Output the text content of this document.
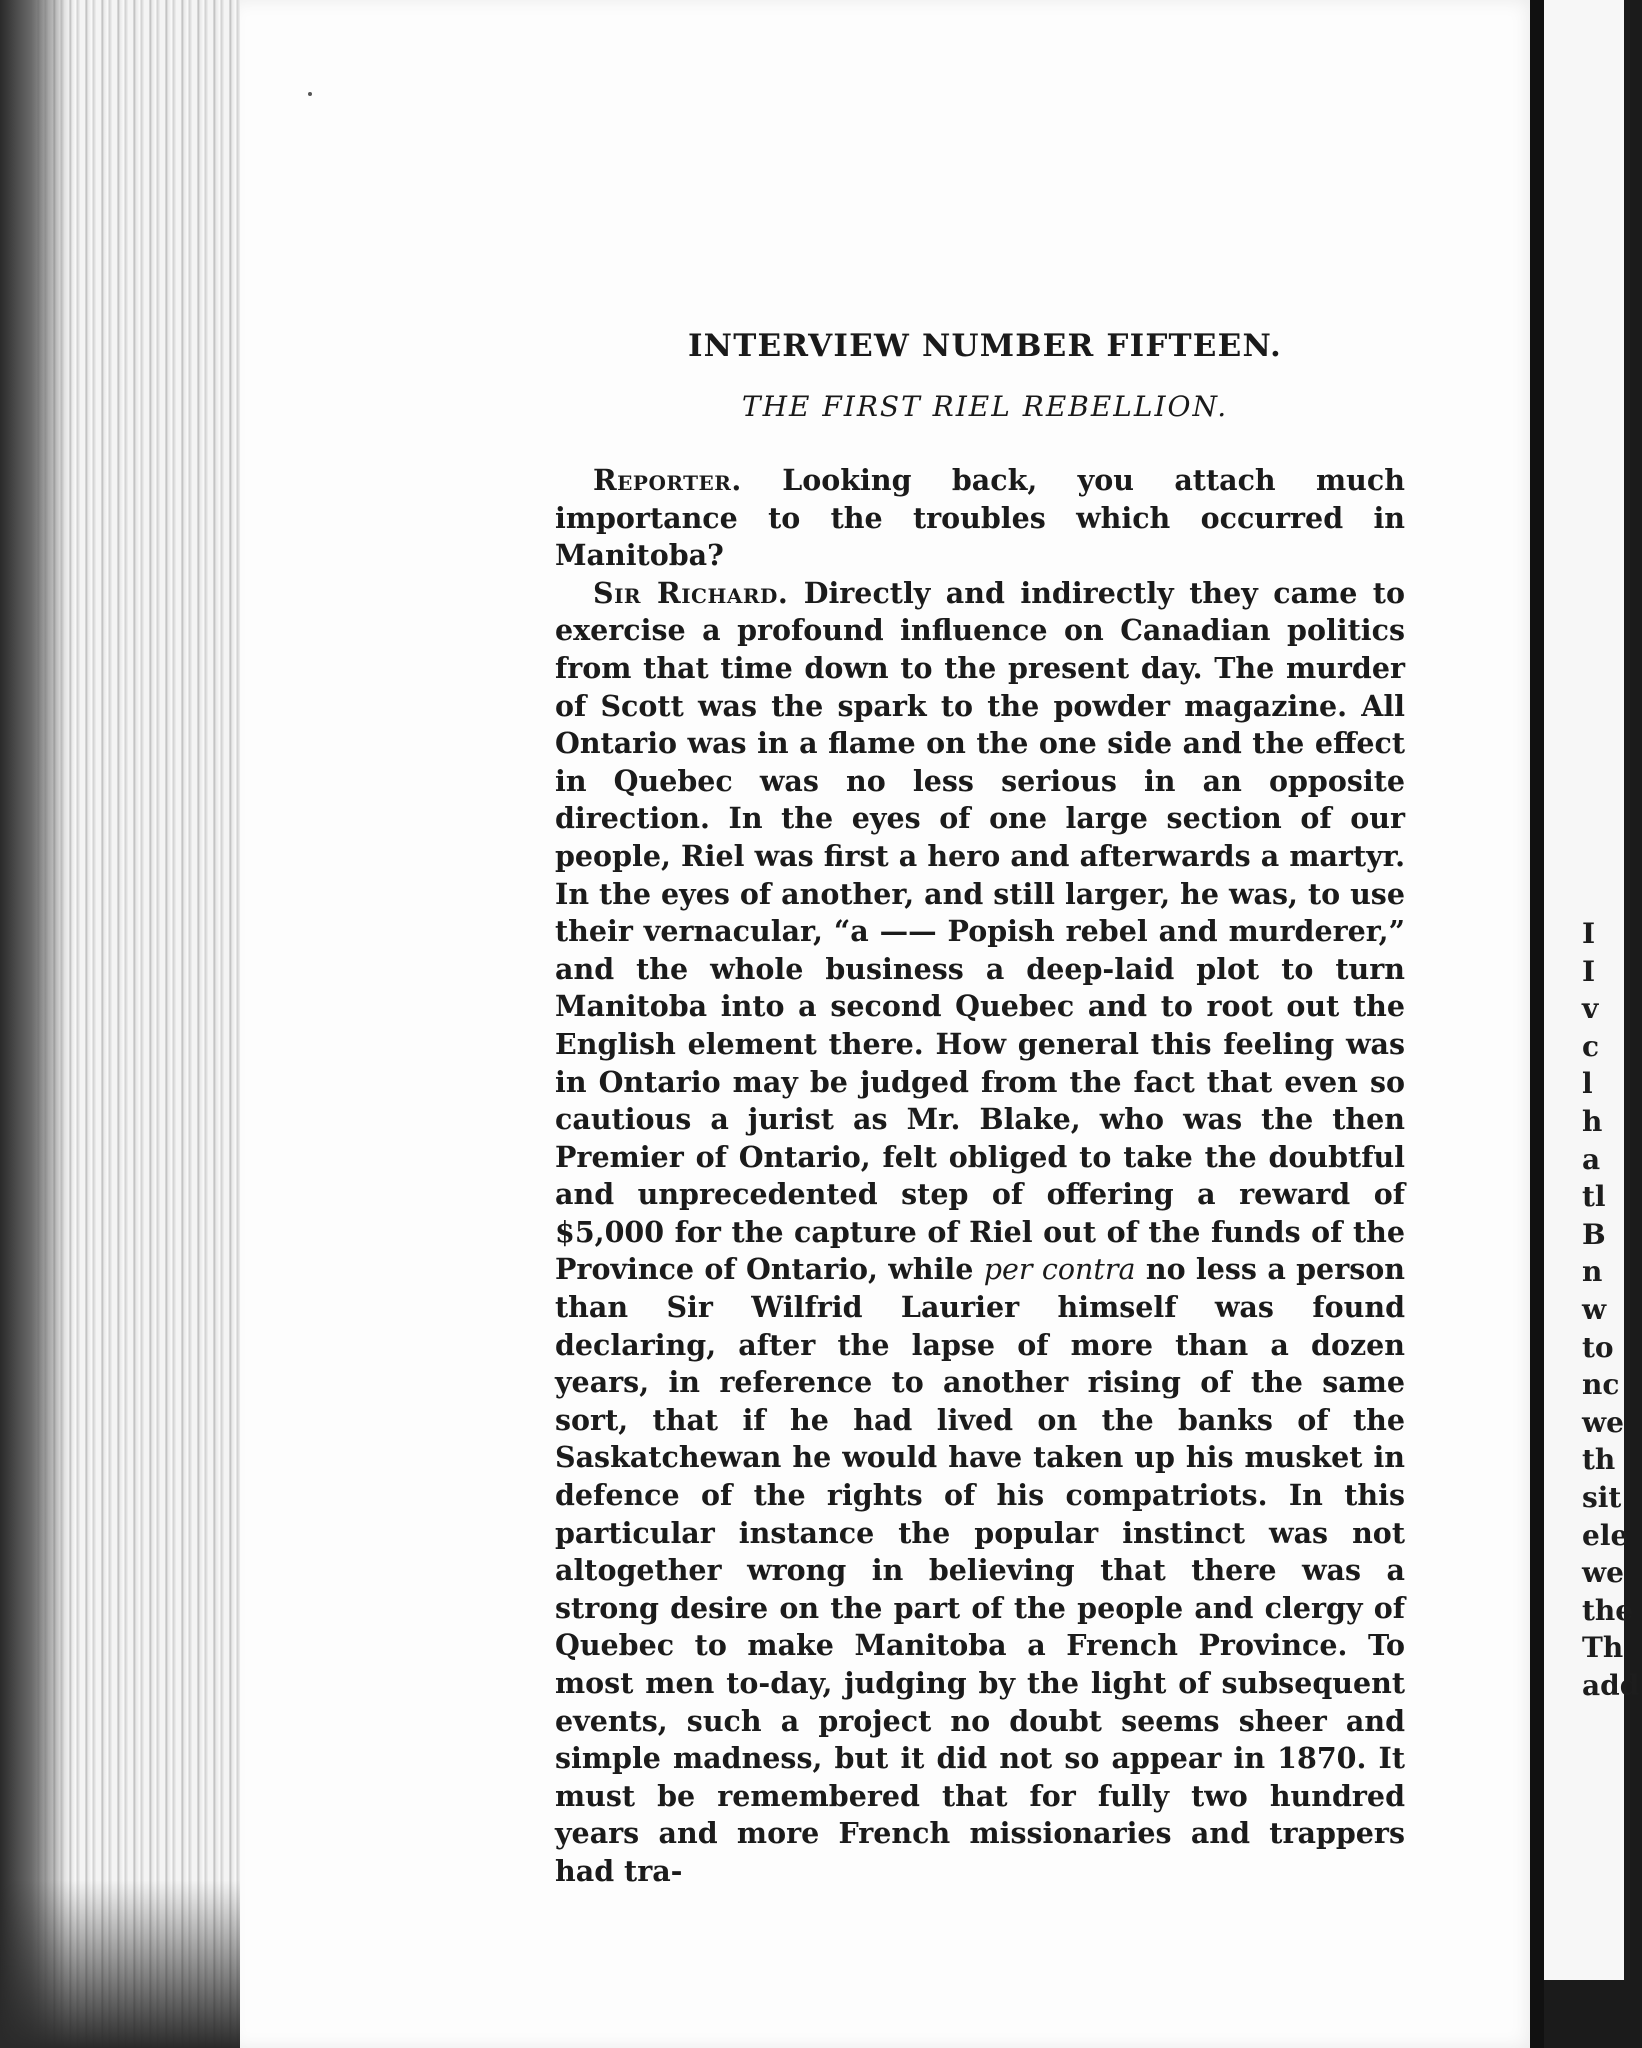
I
I
v
c
l
h
a
tl
B
n
w
to
nc
we
th
sit
ele
we
the
Th
add
INTERVIEW NUMBER FIFTEEN.
THE FIRST RIEL REBELLION.

Reporter. Looking back, you attach much importance to the troubles which occurred in Manitoba?

Sir Richard. Directly and indirectly they came to exercise a profound influence on Canadian politics from that time down to the present day. The murder of Scott was the spark to the powder magazine. All Ontario was in a flame on the one side and the effect in Quebec was no less serious in an opposite direction. In the eyes of one large section of our people, Riel was first a hero and afterwards a martyr. In the eyes of another, and still larger, he was, to use their vernacular, “a —— Popish rebel and murderer,” and the whole business a deep-laid plot to turn Manitoba into a second Quebec and to root out the English element there. How general this feeling was in Ontario may be judged from the fact that even so cautious a jurist as Mr. Blake, who was the then Premier of Ontario, felt obliged to take the doubtful and unprecedented step of offering a reward of $5,000 for the capture of Riel out of the funds of the Province of Ontario, while per contra no less a person than Sir Wilfrid Laurier himself was found declaring, after the lapse of more than a dozen years, in reference to another rising of the same sort, that if he had lived on the banks of the Saskatchewan he would have taken up his musket in defence of the rights of his compatriots. In this particular instance the popular instinct was not altogether wrong in believing that there was a strong desire on the part of the people and clergy of Quebec to make Manitoba a French Province. To most men to-day, judging by the light of subsequent events, such a project no doubt seems sheer and simple madness, but it did not so appear in 1870. It must be remembered that for fully two hundred years and more French missionaries and trappers had tra-
